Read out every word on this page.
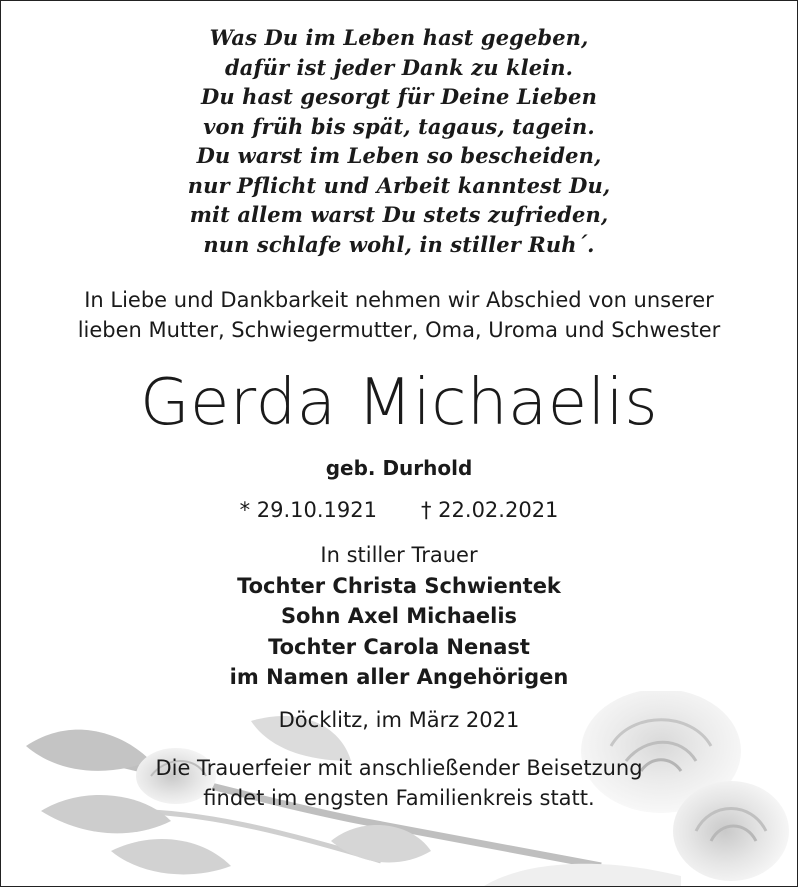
Was Du im Leben hast gegeben,
dafür ist jeder Dank zu klein.
Du hast gesorgt für Deine Lieben
von früh bis spät, tagaus, tagein.
Du warst im Leben so bescheiden,
nur Pflicht und Arbeit kanntest Du,
mit allem warst Du stets zufrieden,
nun schlafe wohl, in stiller Ruh´.
In Liebe und Dankbarkeit nehmen wir Abschied von unserer
lieben Mutter, Schwiegermutter, Oma, Uroma und Schwester
Gerda Michaelis
geb. Durhold
* 29.10.1921 † 22.02.2021
In stiller Trauer
Tochter Christa Schwientek
Sohn Axel Michaelis
Tochter Carola Nenast
im Namen aller Angehörigen
Döcklitz, im März 2021
Die Trauerfeier mit anschließender Beisetzung
findet im engsten Familienkreis statt.
